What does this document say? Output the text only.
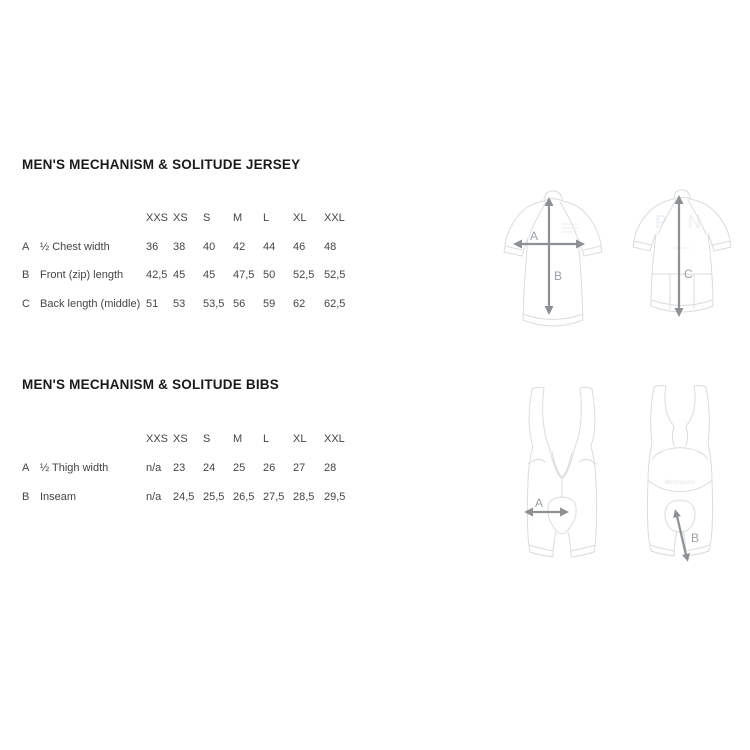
MEN'S MECHANISM & SOLITUDE JERSEY
XXS XS	S	M	L	XL	XXL
A ½ Chest width	36	38	40	42	44	46	48
B Front (zip) length	42,5 45	45	47,5 50	52,5 52,5
C Back length (middle) 51	53	53,5 56	59	62	62,5
A
B
P N
C
MEN'S MECHANISM & SOLITUDE BIBS
XXS XS	S	M	L	XL	XXL
A ½ Thigh width	n/a	23	24	25	26	27	28
B Inseam	n/a	24,5 25,5 26,5 27,5 28,5 29,5	A
Mechanism
B
